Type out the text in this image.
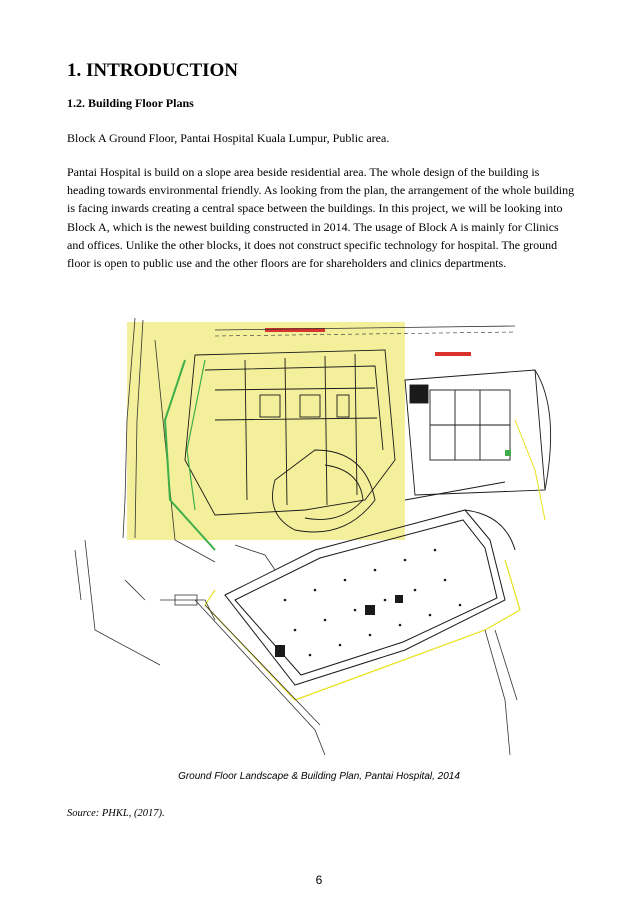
1. INTRODUCTION
1.2. Building Floor Plans

Block A Ground Floor, Pantai Hospital Kuala Lumpur, Public area.

Pantai Hospital is build on a slope area beside residential area. The whole design of the building is heading towards environmental friendly. As looking from the plan, the arrangement of the whole building is facing inwards creating a central space between the buildings. In this project, we will be looking into Block A, which is the newest building constructed in 2014. The usage of Block A is mainly for Clinics and offices. Unlike the other blocks, it does not construct specific technology for hospital. The ground floor is open to public use and the other floors are for shareholders and clinics departments.

Ground Floor Landscape & Building Plan, Pantai Hospital, 2014

Source: PHKL, (2017).

6
